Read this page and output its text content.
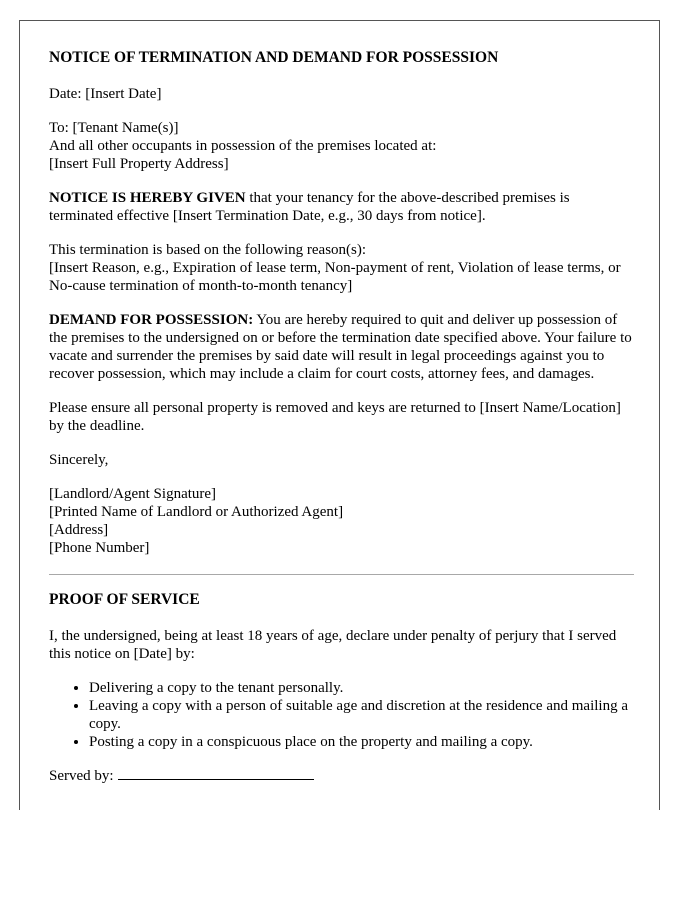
NOTICE OF TERMINATION AND DEMAND FOR POSSESSION

Date: [Insert Date]

To: [Tenant Name(s)]
And all other occupants in possession of the premises located at:
[Insert Full Property Address]

NOTICE IS HEREBY GIVEN that your tenancy for the above-described premises is terminated effective [Insert Termination Date, e.g., 30 days from notice].

This termination is based on the following reason(s):
[Insert Reason, e.g., Expiration of lease term, Non-payment of rent, Violation of lease terms, or No-cause termination of month-to-month tenancy]

DEMAND FOR POSSESSION: You are hereby required to quit and deliver up possession of the premises to the undersigned on or before the termination date specified above. Your failure to vacate and surrender the premises by said date will result in legal proceedings against you to recover possession, which may include a claim for court costs, attorney fees, and damages.

Please ensure all personal property is removed and keys are returned to [Insert Name/Location] by the deadline.

Sincerely,

[Landlord/Agent Signature]
[Printed Name of Landlord or Authorized Agent]
[Address]
[Phone Number]

PROOF OF SERVICE

I, the undersigned, being at least 18 years of age, declare under penalty of perjury that I served this notice on [Date] by:

• Delivering a copy to the tenant personally.
• Leaving a copy with a person of suitable age and discretion at the residence and mailing a copy.
• Posting a copy in a conspicuous place on the property and mailing a copy.

Served by:
